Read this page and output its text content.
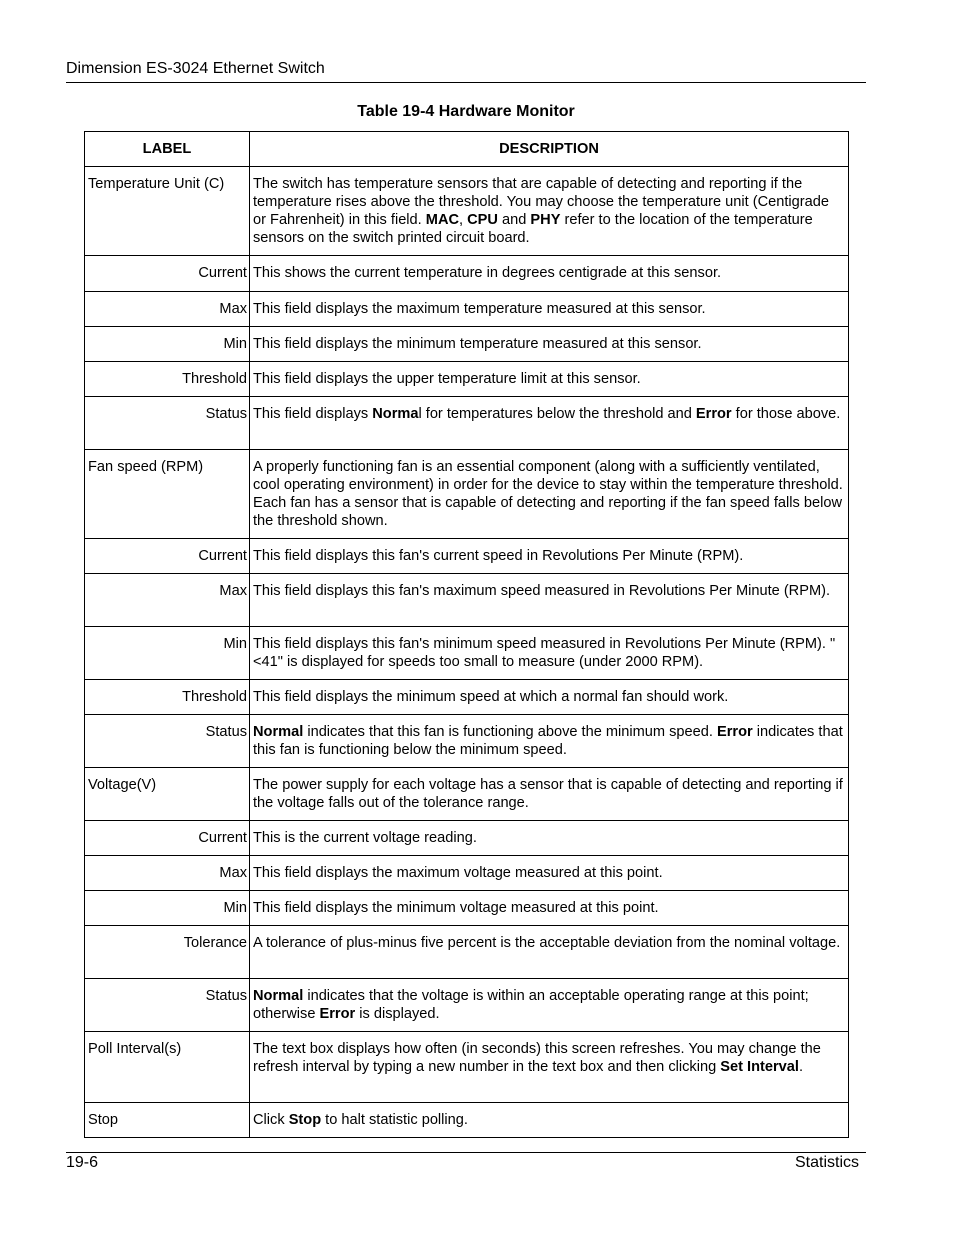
Dimension ES-3024 Ethernet Switch
Table 19-4 Hardware Monitor
LABEL	DESCRIPTION
Temperature Unit (C)	The switch has temperature sensors that are capable of detecting and reporting if the temperature rises above the threshold. You may choose the temperature unit (Centigrade or Fahrenheit) in this field. MAC, CPU and PHY refer to the location of the temperature sensors on the switch printed circuit board.
Current	This shows the current temperature in degrees centigrade at this sensor.
Max	This field displays the maximum temperature measured at this sensor.
Min	This field displays the minimum temperature measured at this sensor.
Threshold	This field displays the upper temperature limit at this sensor.
Status	This field displays Normal for temperatures below the threshold and Error for those above.
Fan speed (RPM)	A properly functioning fan is an essential component (along with a sufficiently ventilated, cool operating environment) in order for the device to stay within the temperature threshold. Each fan has a sensor that is capable of detecting and reporting if the fan speed falls below the threshold shown.
Current	This field displays this fan's current speed in Revolutions Per Minute (RPM).
Max	This field displays this fan's maximum speed measured in Revolutions Per Minute (RPM).
Min	This field displays this fan's minimum speed measured in Revolutions Per Minute (RPM). "<41" is displayed for speeds too small to measure (under 2000 RPM).
Threshold	This field displays the minimum speed at which a normal fan should work.
Status	Normal indicates that this fan is functioning above the minimum speed. Error indicates that this fan is functioning below the minimum speed.
Voltage(V)	The power supply for each voltage has a sensor that is capable of detecting and reporting if the voltage falls out of the tolerance range.
Current	This is the current voltage reading.
Max	This field displays the maximum voltage measured at this point.
Min	This field displays the minimum voltage measured at this point.
Tolerance	A tolerance of plus-minus five percent is the acceptable deviation from the nominal voltage.
Status	Normal indicates that the voltage is within an acceptable operating range at this point; otherwise Error is displayed.
Poll Interval(s)	The text box displays how often (in seconds) this screen refreshes. You may change the refresh interval by typing a new number in the text box and then clicking Set Interval.
Stop	Click Stop to halt statistic polling.
19-6	Statistics
